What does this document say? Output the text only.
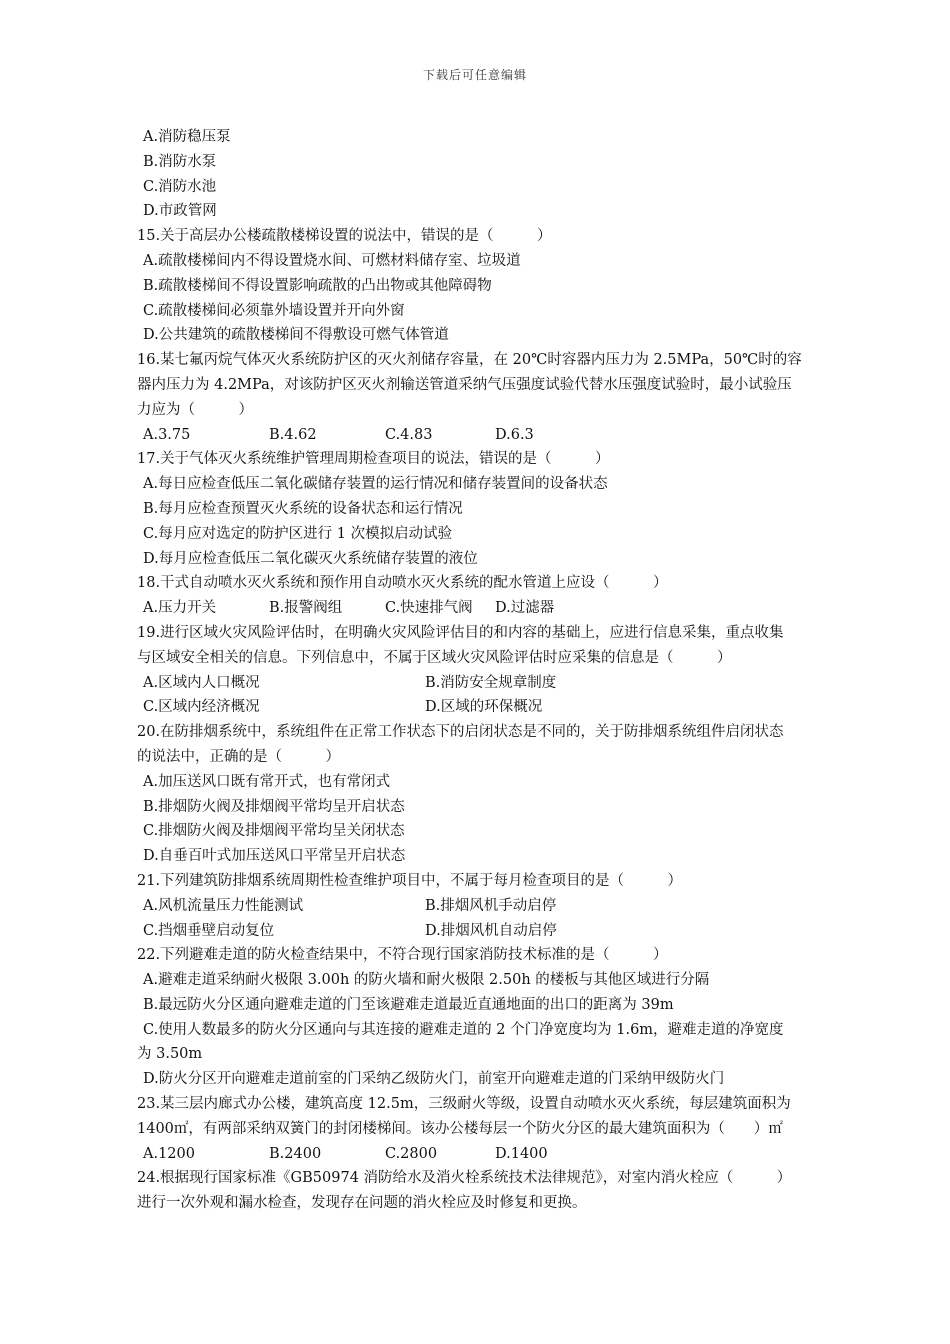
下载后可任意编辑
A.消防稳压泵
B.消防水泵
C.消防水池
D.市政管网
15.关于高层办公楼疏散楼梯设置的说法中，错误的是（　　　）
A.疏散楼梯间内不得设置烧水间、可燃材料储存室、垃圾道
B.疏散楼梯间不得设置影响疏散的凸出物或其他障碍物
C.疏散楼梯间必须靠外墙设置并开向外窗
D.公共建筑的疏散楼梯间不得敷设可燃气体管道
16.某七氟丙烷气体灭火系统防护区的灭火剂储存容量，在 20℃时容器内压力为 2.5MPa，50℃时的容
器内压力为 4.2MPa，对该防护区灭火剂输送管道采纳气压强度试验代替水压强度试验时，最小试验压
力应为（　　　）
A.3.75	B.4.62	C.4.83	D.6.3
17.关于气体灭火系统维护管理周期检查项目的说法，错误的是（　　　）
A.每日应检查低压二氧化碳储存装置的运行情况和储存装置间的设备状态
B.每月应检查预置灭火系统的设备状态和运行情况
C.每月应对选定的防护区进行 1 次模拟启动试验
D.每月应检查低压二氧化碳灭火系统储存装置的液位
18.干式自动喷水灭火系统和预作用自动喷水灭火系统的配水管道上应设（　　　）
A.压力开关	B.报警阀组	C.快速排气阀	D.过滤器
19.进行区域火灾风险评估时，在明确火灾风险评估目的和内容的基础上，应进行信息采集，重点收集
与区域安全相关的信息。下列信息中，不属于区域火灾风险评估时应采集的信息是（　　　）
A.区域内人口概况	B.消防安全规章制度
C.区域内经济概况	D.区域的环保概况
20.在防排烟系统中，系统组件在正常工作状态下的启闭状态是不同的，关于防排烟系统组件启闭状态
的说法中，正确的是（　　　）
A.加压送风口既有常开式，也有常闭式
B.排烟防火阀及排烟阀平常均呈开启状态
C.排烟防火阀及排烟阀平常均呈关闭状态
D.自垂百叶式加压送风口平常呈开启状态
21.下列建筑防排烟系统周期性检查维护项目中，不属于每月检查项目的是（　　　）
A.风机流量压力性能测试	B.排烟风机手动启停
C.挡烟垂壁启动复位	D.排烟风机自动启停
22.下列避难走道的防火检查结果中，不符合现行国家消防技术标准的是（　　　）
A.避难走道采纳耐火极限 3.00h 的防火墙和耐火极限 2.50h 的楼板与其他区域进行分隔
B.最远防火分区通向避难走道的门至该避难走道最近直通地面的出口的距离为 39m
C.使用人数最多的防火分区通向与其连接的避难走道的 2 个门净宽度均为 1.6m，避难走道的净宽度
为 3.50m
D.防火分区开向避难走道前室的门采纳乙级防火门，前室开向避难走道的门采纳甲级防火门
23.某三层内廊式办公楼，建筑高度 12.5m，三级耐火等级，设置自动喷水灭火系统，每层建筑面积为
1400㎡，有两部采纳双簧门的封闭楼梯间。该办公楼每层一个防火分区的最大建筑面积为（　　）㎡
A.1200	B.2400	C.2800	D.1400
24.根据现行国家标准《GB50974 消防给水及消火栓系统技术法律规范》，对室内消火栓应（　　　）
进行一次外观和漏水检查，发现存在问题的消火栓应及时修复和更换。
